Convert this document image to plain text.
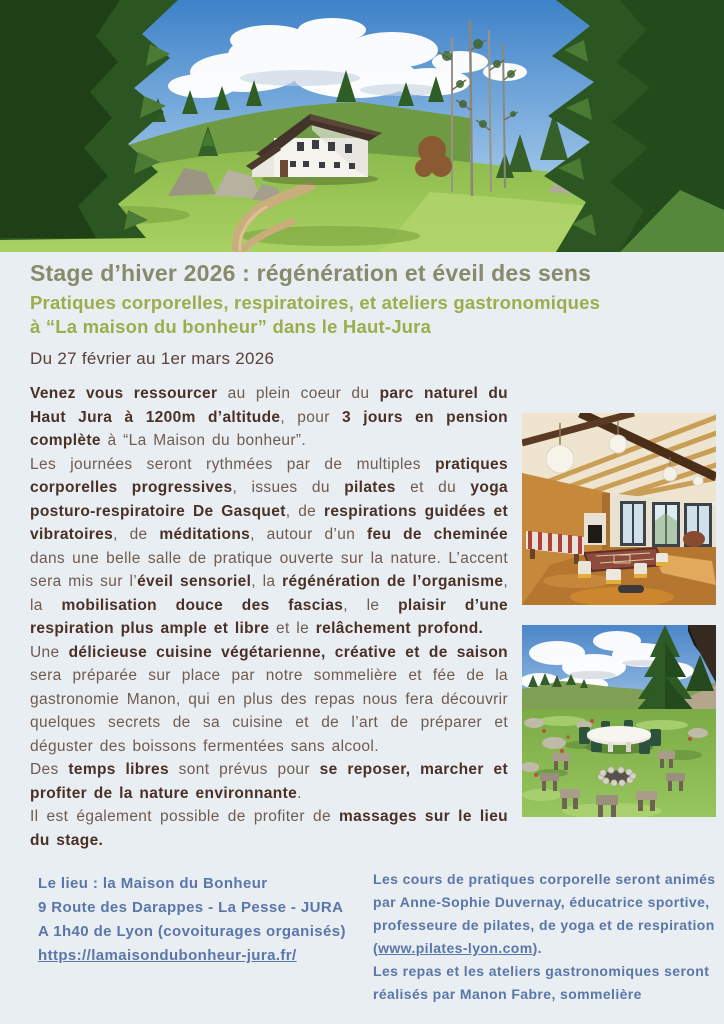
Stage d’hiver 2026 : régénération et éveil des sens
Pratiques corporelles, respiratoires, et ateliers gastronomiques
à “La maison du bonheur” dans le Haut-Jura
Du 27 février au 1er mars 2026

Venez vous ressourcer au plein coeur du parc naturel du Haut Jura à 1200m d’altitude, pour 3 jours en pension complète à “La Maison du bonheur”.

Les journées seront rythmées par de multiples pratiques corporelles progressives, issues du pilates et du yoga posturo-respiratoire De Gasquet, de respirations guidées et vibratoires, de méditations, autour d’un feu de cheminée dans une belle salle de pratique ouverte sur la nature. L’accent sera mis sur l’éveil sensoriel, la régénération de l’organisme, la mobilisation douce des fascias, le plaisir d’une respiration plus ample et libre et le relâchement profond.

Une délicieuse cuisine végétarienne, créative et de saison sera préparée sur place par notre sommelière et fée de la gastronomie Manon, qui en plus des repas nous fera découvrir quelques secrets de sa cuisine et de l’art de préparer et déguster des boissons fermentées sans alcool.

Des temps libres sont prévus pour se reposer, marcher et profiter de la nature environnante.

Il est également possible de profiter de massages sur le lieu du stage.

Le lieu : la Maison du Bonheur
9 Route des Darappes - La Pesse - JURA
A 1h40 de Lyon (covoiturages organisés)
https://lamaisondubonheur-jura.fr/
Les cours de pratiques corporelle seront animés par Anne-Sophie Duvernay, éducatrice sportive, professeure de pilates, de yoga et de respiration (www.pilates-lyon.com).
Les repas et les ateliers gastronomiques seront réalisés par Manon Fabre, sommelière
